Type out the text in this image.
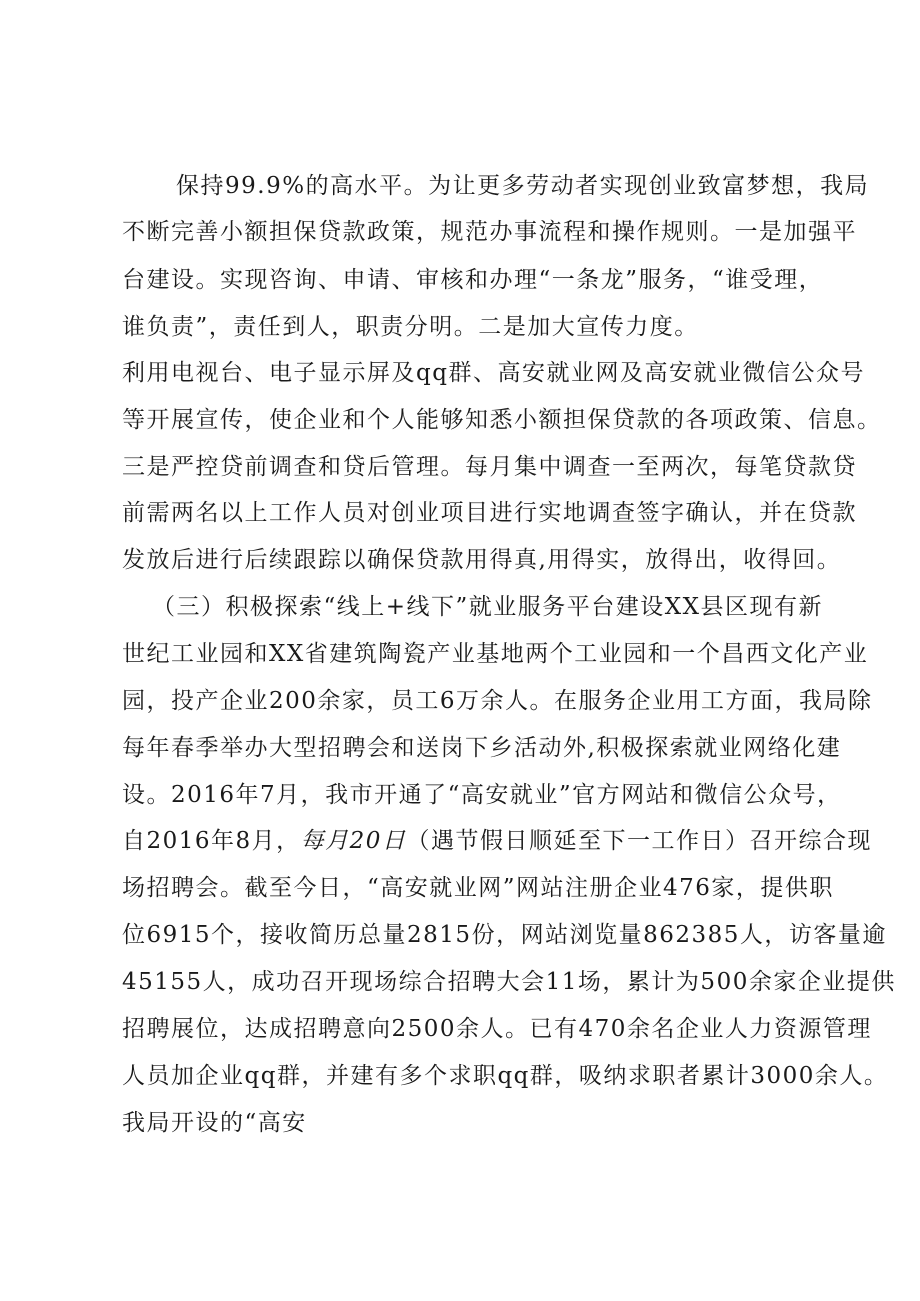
保持99.9%的高水平。为让更多劳动者实现创业致富梦想，我局
不断完善小额担保贷款政策，规范办事流程和操作规则。一是加强平
台建设。实现咨询、申请、审核和办理“一条龙”服务，“谁受理，
谁负责”，责任到人，职责分明。二是加大宣传力度。
利用电视台、电子显示屏及qq群、高安就业网及高安就业微信公众号
等开展宣传，使企业和个人能够知悉小额担保贷款的各项政策、信息。
三是严控贷前调查和贷后管理。每月集中调查一至两次，每笔贷款贷
前需两名以上工作人员对创业项目进行实地调查签字确认，并在贷款
发放后进行后续跟踪以确保贷款用得真,用得实，放得出，收得回。
（三）积极探索“线上+线下”就业服务平台建设XX县区现有新
世纪工业园和XX省建筑陶瓷产业基地两个工业园和一个昌西文化产业
园，投产企业200余家，员工6万余人。在服务企业用工方面，我局除
每年春季举办大型招聘会和送岗下乡活动外,积极探索就业网络化建
设。2016年7月，我市开通了“高安就业”官方网站和微信公众号，
自2016年8月，每月20日（遇节假日顺延至下一工作日）召开综合现
场招聘会。截至今日，“高安就业网”网站注册企业476家，提供职
位6915个，接收简历总量2815份，网站浏览量862385人，访客量逾
45155人，成功召开现场综合招聘大会11场，累计为500余家企业提供
招聘展位，达成招聘意向2500余人。已有470余名企业人力资源管理
人员加企业qq群，并建有多个求职qq群，吸纳求职者累计3000余人。
我局开设的“高安
